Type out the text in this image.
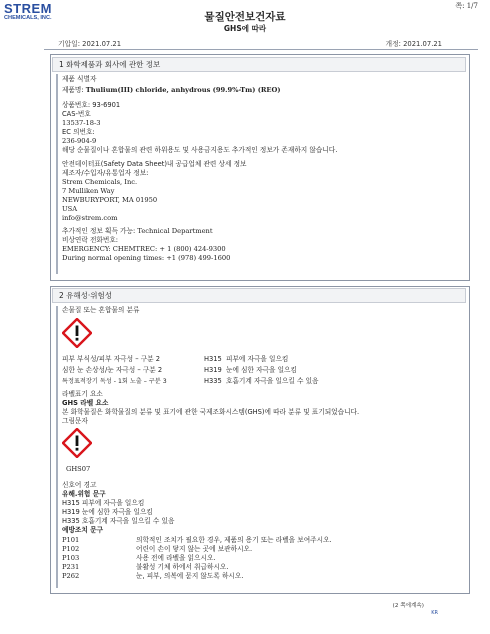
STREM
CHEMICALS, INC.	물질안전보건자료
GHS에 따라
쪽: 1/7
기압일: 2021.07.21	개정: 2021.07.21
1 화학제품과 회사에 관한 정보
제품 식별자
제품명: Thulium(III) chloride, anhydrous (99.9%-Tm) (REO)
상품번호: 93-6901
CAS-번호
13537-18-3
EC 의번호:
236-904-9
해당 순물질이나 혼합물의 관련 하위용도 및 사용금지용도 추가적인 정보가 존재하지 않습니다.
안전데이터표(Safety Data Sheet)내 공급업체 관련 상세 정보
제조자/수입자/유통업자 정보:
Strem Chemicals, Inc.
7 Mulliken Way
NEWBURYPORT, MA 01950
USA
info@strem.com
추가적인 정보 획득 가능: Technical Department
비상연락 전화번호:
EMERGENCY: CHEMTREC: + 1 (800) 424-9300
During normal opening times: +1 (978) 499-1600
2 유해성·위험성
손물질 또는 혼합물의 분류
피부 부식성/피부 자극성 – 구분 2	H315 피부에 자극을 일으킴
심한 눈 손상성/눈 자극성 – 구분 2	H319 눈에 심한 자극을 일으킴
특정표적장기 독성 - 1회 노출 – 구분 3	H335 호흡기계 자극을 일으킬 수 있음
라벨표기 요소
GHS 라벨 요소
본 화학물질은 화학물질의 분류 및 표기에 관한 국제조화시스템(GHS)에 따라 분류 및 표기되었습니다.
그림문자
GHS07
신호어 경고
유해.위험 문구
H315 피부에 자극을 일으킴
H319 눈에 심한 자극을 일으킴
H335 호흡기계 자극을 일으킬 수 있음
예방조치 문구
P101	의학적인 조치가 필요한 경우, 제품의 용기 또는 라벨을 보여주시오.
P102	어린이 손이 닿지 않는 곳에 보관하시오.
P103	사용 전에 라벨을 읽으시오.
P231	불활성 기체 하에서 취급하시오.
P262	눈, 피부, 의복에 묻지 않도록 하시오.
(2 쪽에계속)
KR
